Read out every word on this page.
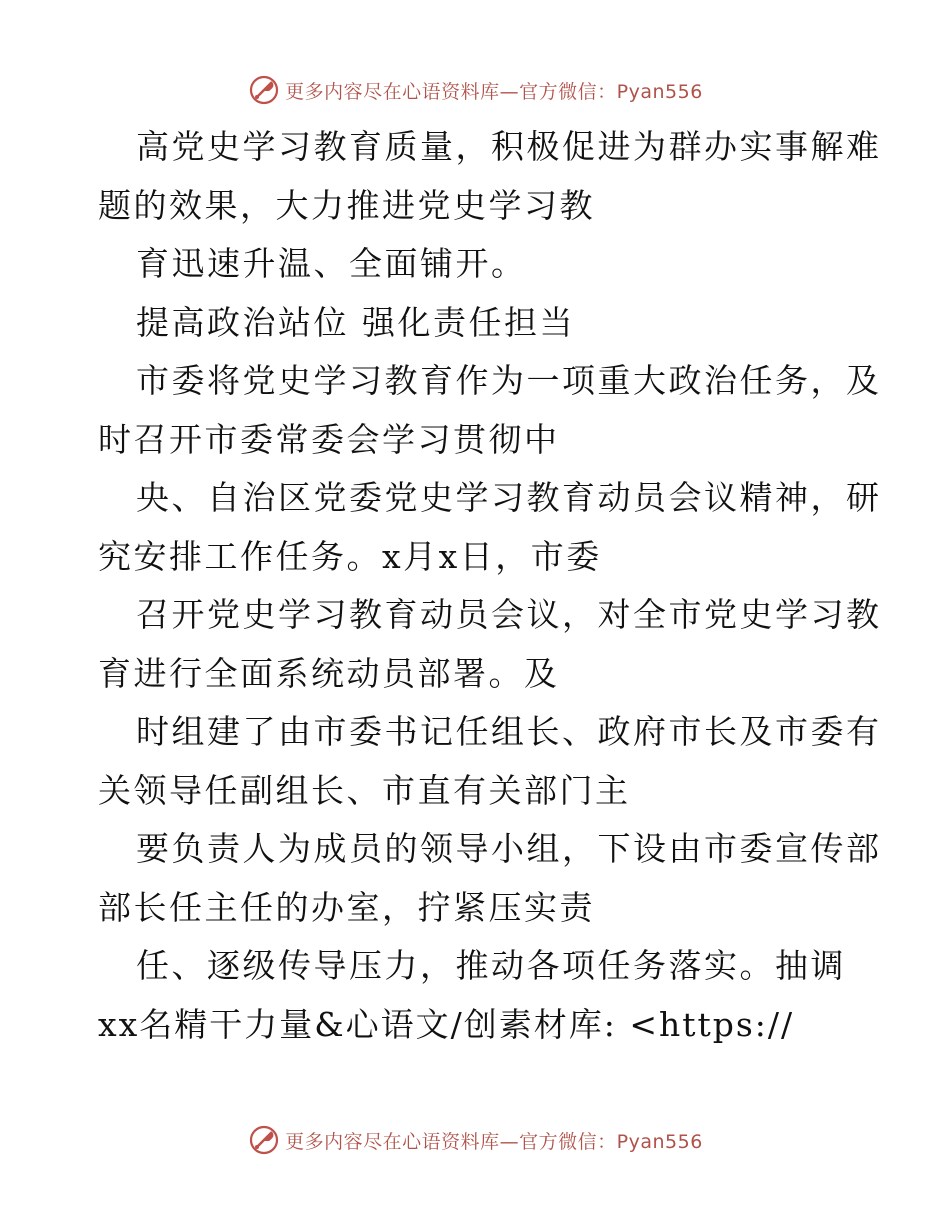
更多内容尽在心语资料库—官方微信：Pyan556
高党史学习教育质量，积极促进为群办实事解难
题的效果，大力推进党史学习教
育迅速升温、全面铺开。
提高政治站位 强化责任担当
市委将党史学习教育作为一项重大政治任务，及
时召开市委常委会学习贯彻中
央、自治区党委党史学习教育动员会议精神，研
究安排工作任务。x月x日，市委
召开党史学习教育动员会议，对全市党史学习教
育进行全面系统动员部署。及
时组建了由市委书记任组长、政府市长及市委有
关领导任副组长、市直有关部门主
要负责人为成员的领导小组，下设由市委宣传部
部长任主任的办室，拧紧压实责
任、逐级传导压力，推动各项任务落实。抽调
xx名精干力量&心语文/创素材库: <https://
更多内容尽在心语资料库—官方微信：Pyan556
